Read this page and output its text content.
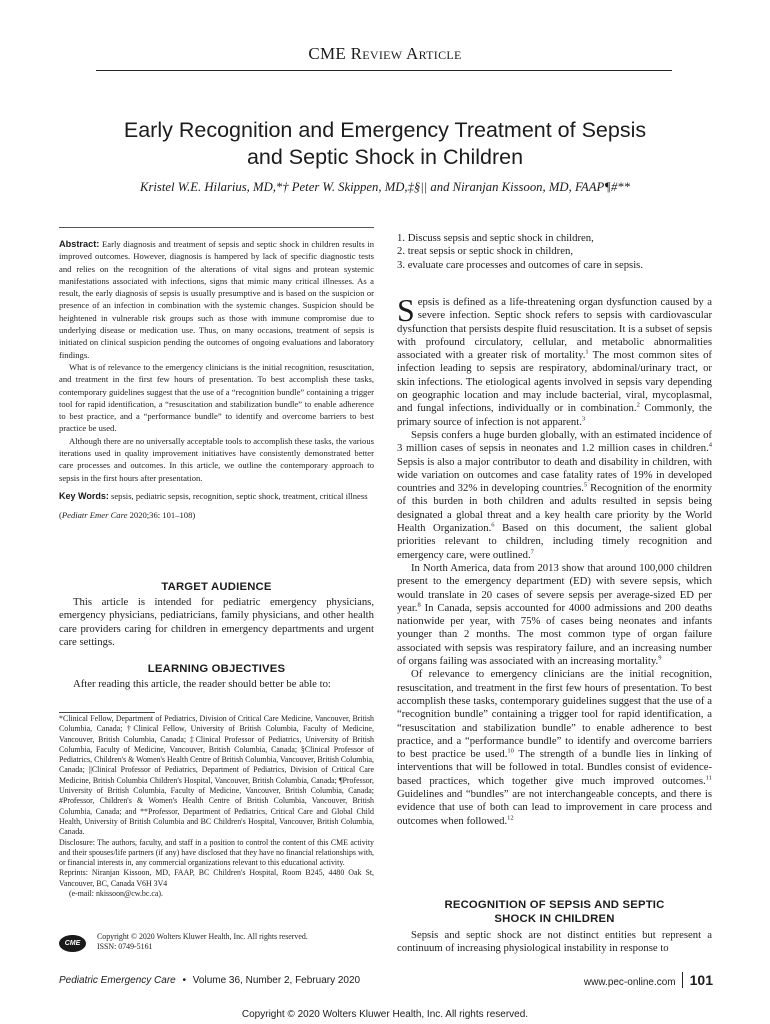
CME Review Article
Early Recognition and Emergency Treatment of Sepsis
and Septic Shock in Children
Kristel W.E. Hilarius, MD,*† Peter W. Skippen, MD,‡§|| and Niranjan Kissoon, MD, FAAP¶#**

Abstract: Early diagnosis and treatment of sepsis and septic shock in children results in improved outcomes. However, diagnosis is hampered by lack of specific diagnostic tests and relies on the recognition of the alterations of vital signs and protean systemic manifestations associated with infections, signs that mimic many critical illnesses. As a result, the early diagnosis of sepsis is usually presumptive and is based on the suspicion or presence of an infection in combination with the systemic changes. Suspicion should be heightened in vulnerable risk groups such as those with immune compromise due to underlying disease or medication use. Thus, on many occasions, treatment of sepsis is initiated on clinical suspicion pending the outcomes of ongoing evaluations and laboratory findings.

What is of relevance to the emergency clinicians is the initial recognition, resuscitation, and treatment in the first few hours of presentation. To best accomplish these tasks, contemporary guidelines suggest that the use of a “recognition bundle” containing a trigger tool for rapid identification, a “resuscitation and stabilization bundle” to enable adherence to best practice, and a “performance bundle” to identify and overcome barriers to best practice be used.

Although there are no universally acceptable tools to accomplish these tasks, the various iterations used in quality improvement initiatives have consistently demonstrated better care processes and outcomes. In this article, we outline the contemporary approach to sepsis in the first hours after presentation.

Key Words: sepsis, pediatric sepsis, recognition, septic shock, treatment, critical illness

(Pediatr Emer Care 2020;36: 101–108)

TARGET AUDIENCE

This article is intended for pediatric emergency physicians, emergency physicians, pediatricians, family physicians, and other health care providers caring for children in emergency departments and urgent care settings.

LEARNING OBJECTIVES

After reading this article, the reader should better be able to:

*Clinical Fellow, Department of Pediatrics, Division of Critical Care Medicine, Vancouver, British Columbia, Canada; †Clinical Fellow, University of British Columbia, Faculty of Medicine, Vancouver, British Columbia, Canada; ‡Clinical Professor of Pediatrics, University of British Columbia, Faculty of Medicine, Vancouver, British Columbia, Canada; §Clinical Professor of Pediatrics, Children's & Women's Health Centre of British Columbia, Vancouver, British Columbia, Canada; ||Clinical Professor of Pediatrics, Department of Pediatrics, Division of Critical Care Medicine, British Columbia Children's Hospital, Vancouver, British Columbia, Canada; ¶Professor, University of British Columbia, Faculty of Medicine, Vancouver, British Columbia, Canada; #Professor, Children's & Women's Health Centre of British Columbia, Vancouver, British Columbia, Canada; and **Professor, Department of Pediatrics, Critical Care and Global Child Health, University of British Columbia and BC Children's Hospital, Vancouver, British Columbia, Canada.
Disclosure: The authors, faculty, and staff in a position to control the content of this CME activity and their spouses/life partners (if any) have disclosed that they have no financial relationships with, or financial interests in, any commercial organizations relevant to this educational activity.
Reprints: Niranjan Kissoon, MD, FAAP, BC Children's Hospital, Room B245, 4480 Oak St, Vancouver, BC, Canada V6H 3V4
(e-mail: nkissoon@cw.bc.ca).
CME
Copyright © 2020 Wolters Kluwer Health, Inc. All rights reserved.
ISSN: 0749-5161
1. Discuss sepsis and septic shock in children,
2. treat sepsis or septic shock in children,
3. evaluate care processes and outcomes of care in sepsis.

Sepsis is defined as a life-threatening organ dysfunction caused by a severe infection. Septic shock refers to sepsis with cardiovascular dysfunction that persists despite fluid resuscitation. It is a subset of sepsis with profound circulatory, cellular, and metabolic abnormalities associated with a greater risk of mortality.$^1$ The most common sites of infection leading to sepsis are respiratory, abdominal/urinary tract, or skin infections. The etiological agents involved in sepsis vary depending on geographic location and may include bacterial, viral, mycoplasmal, and fungal infections, individually or in combination.$^2$ Commonly, the primary source of infection is not apparent.$^3$

Sepsis confers a huge burden globally, with an estimated incidence of 3 million cases of sepsis in neonates and 1.2 million cases in children.$^4$ Sepsis is also a major contributor to death and disability in children, with wide variation on outcomes and case fatality rates of 19% in developed countries and 32% in developing countries.$^5$ Recognition of the enormity of this burden in both children and adults resulted in sepsis being designated a global threat and a key health care priority by the World Health Organization.$^6$ Based on this document, the salient global priorities relevant to children, including timely recognition and emergency care, were outlined.$^7$

In North America, data from 2013 show that around 100,000 children present to the emergency department (ED) with severe sepsis, which would translate in 20 cases of severe sepsis per average-sized ED per year.$^8$ In Canada, sepsis accounted for 4000 admissions and 200 deaths nationwide per year, with 75% of cases being neonates and infants younger than 2 months. The most common type of organ failure associated with sepsis was respiratory failure, and an increasing number of organs failing was associated with an increasing mortality.$^9$

Of relevance to emergency clinicians are the initial recognition, resuscitation, and treatment in the first few hours of presentation. To best accomplish these tasks, contemporary guidelines suggest that the use of a “recognition bundle” containing a trigger tool for rapid identification, a “resuscitation and stabilization bundle” to enable adherence to best practice, and a “performance bundle” to identify and overcome barriers to best practice be used.$^{10}$ The strength of a bundle lies in linking of interventions that will be followed in total. Bundles consist of evidence-based practices, which together give much improved outcomes.$^{11}$ Guidelines and “bundles” are not interchangeable concepts, and there is evidence that use of both can lead to improvement in care process and outcomes when followed.$^{12}$

RECOGNITION OF SEPSIS AND SEPTIC
SHOCK IN CHILDREN

Sepsis and septic shock are not distinct entities but represent a continuum of increasing physiological instability in response to

Pediatric Emergency Care • Volume 36, Number 2, February 2020	www.pec-online.com 101
Copyright © 2020 Wolters Kluwer Health, Inc. All rights reserved.
